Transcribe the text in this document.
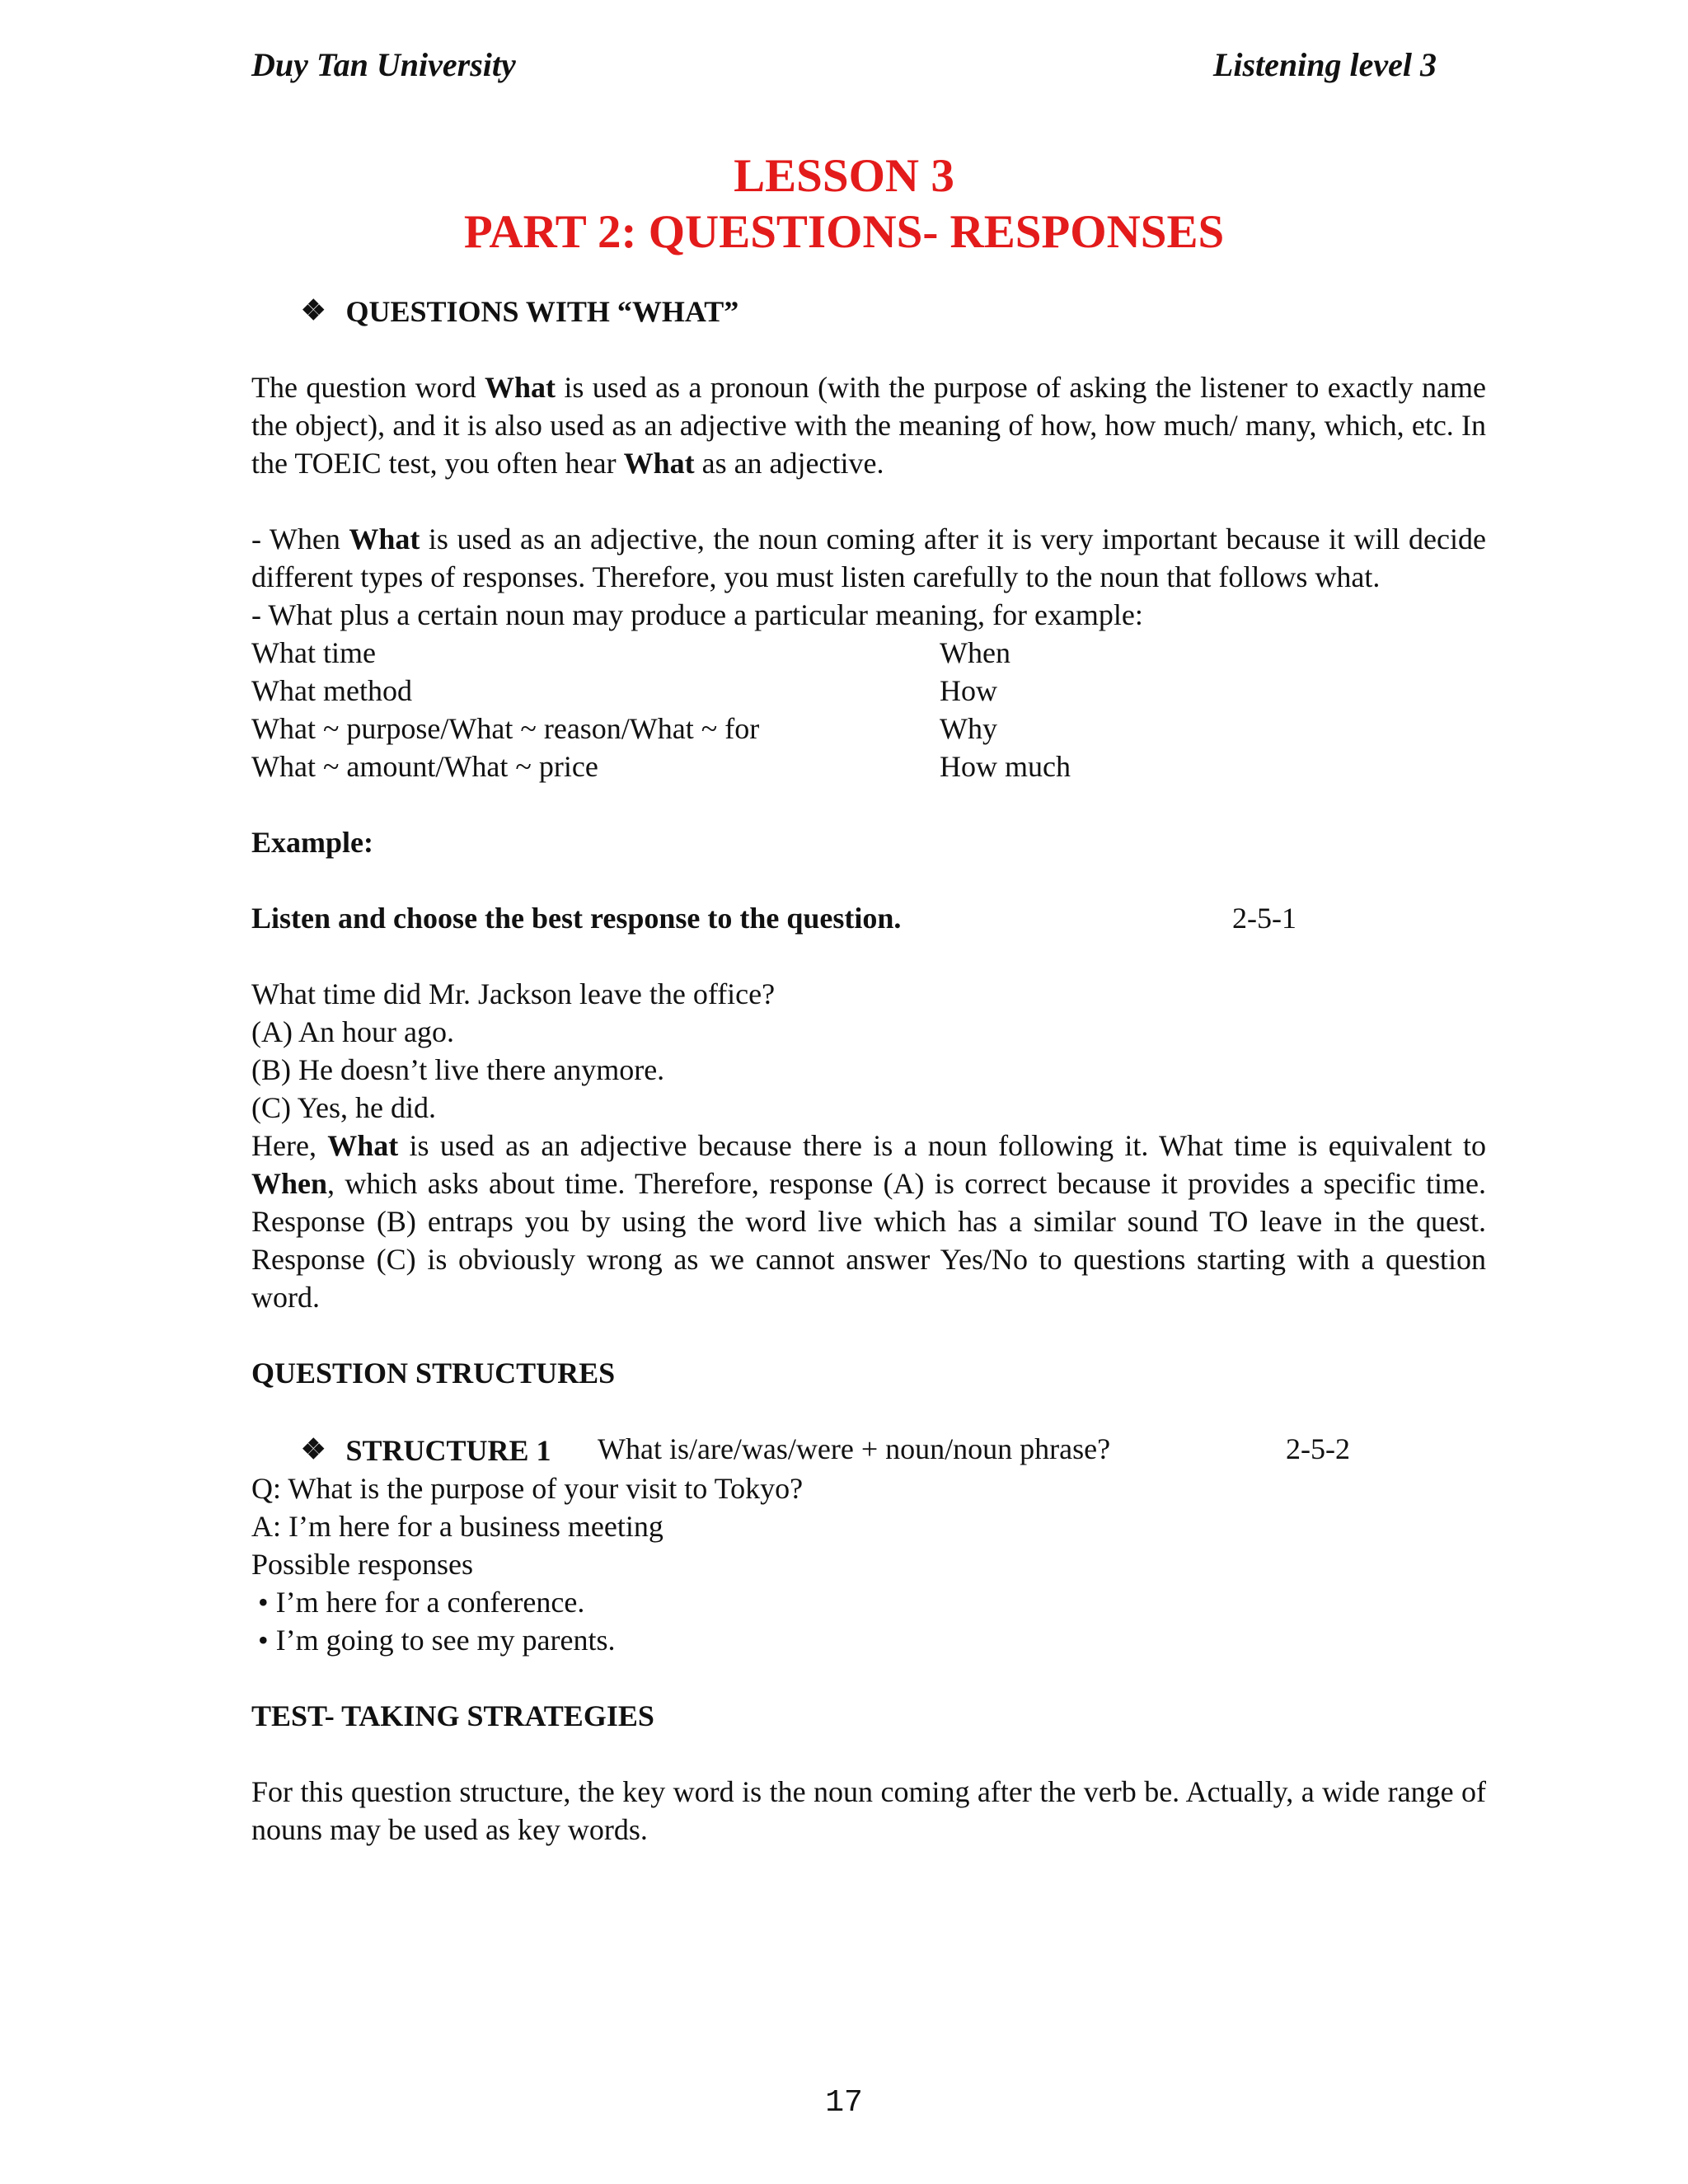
Duy Tan University	Listening level 3
LESSON 3
PART 2: QUESTIONS- RESPONSES
❖ QUESTIONS WITH “WHAT”

The question word What is used as a pronoun (with the purpose of asking the listener to exactly name the object), and it is also used as an adjective with the meaning of how, how much/ many, which, etc. In the TOEIC test, you often hear What as an adjective.

- When What is used as an adjective, the noun coming after it is very important because it will decide different types of responses. Therefore, you must listen carefully to the noun that follows what.

- What plus a certain noun may produce a particular meaning, for example:

What time	When
What method	How
What ~ purpose/What ~ reason/What ~ for	Why
What ~ amount/What ~ price	How much

Example:

Listen and choose the best response to the question.	2-5-1

What time did Mr. Jackson leave the office?

(A) An hour ago.

(B) He doesn’t live there anymore.

(C) Yes, he did.

Here, What is used as an adjective because there is a noun following it. What time is equivalent to When, which asks about time. Therefore, response (A) is correct because it provides a specific time. Response (B) entraps you by using the word live which has a similar sound TO leave in the quest. Response (C) is obviously wrong as we cannot answer Yes/No to questions starting with a question word.

QUESTION STRUCTURES

❖ STRUCTURE 1 What is/are/was/were + noun/noun phrase?	2-5-2

Q: What is the purpose of your visit to Tokyo?

A: I’m here for a business meeting

Possible responses

• I’m here for a conference.

• I’m going to see my parents.

TEST- TAKING STRATEGIES

For this question structure, the key word is the noun coming after the verb be. Actually, a wide range of nouns may be used as key words.

17
